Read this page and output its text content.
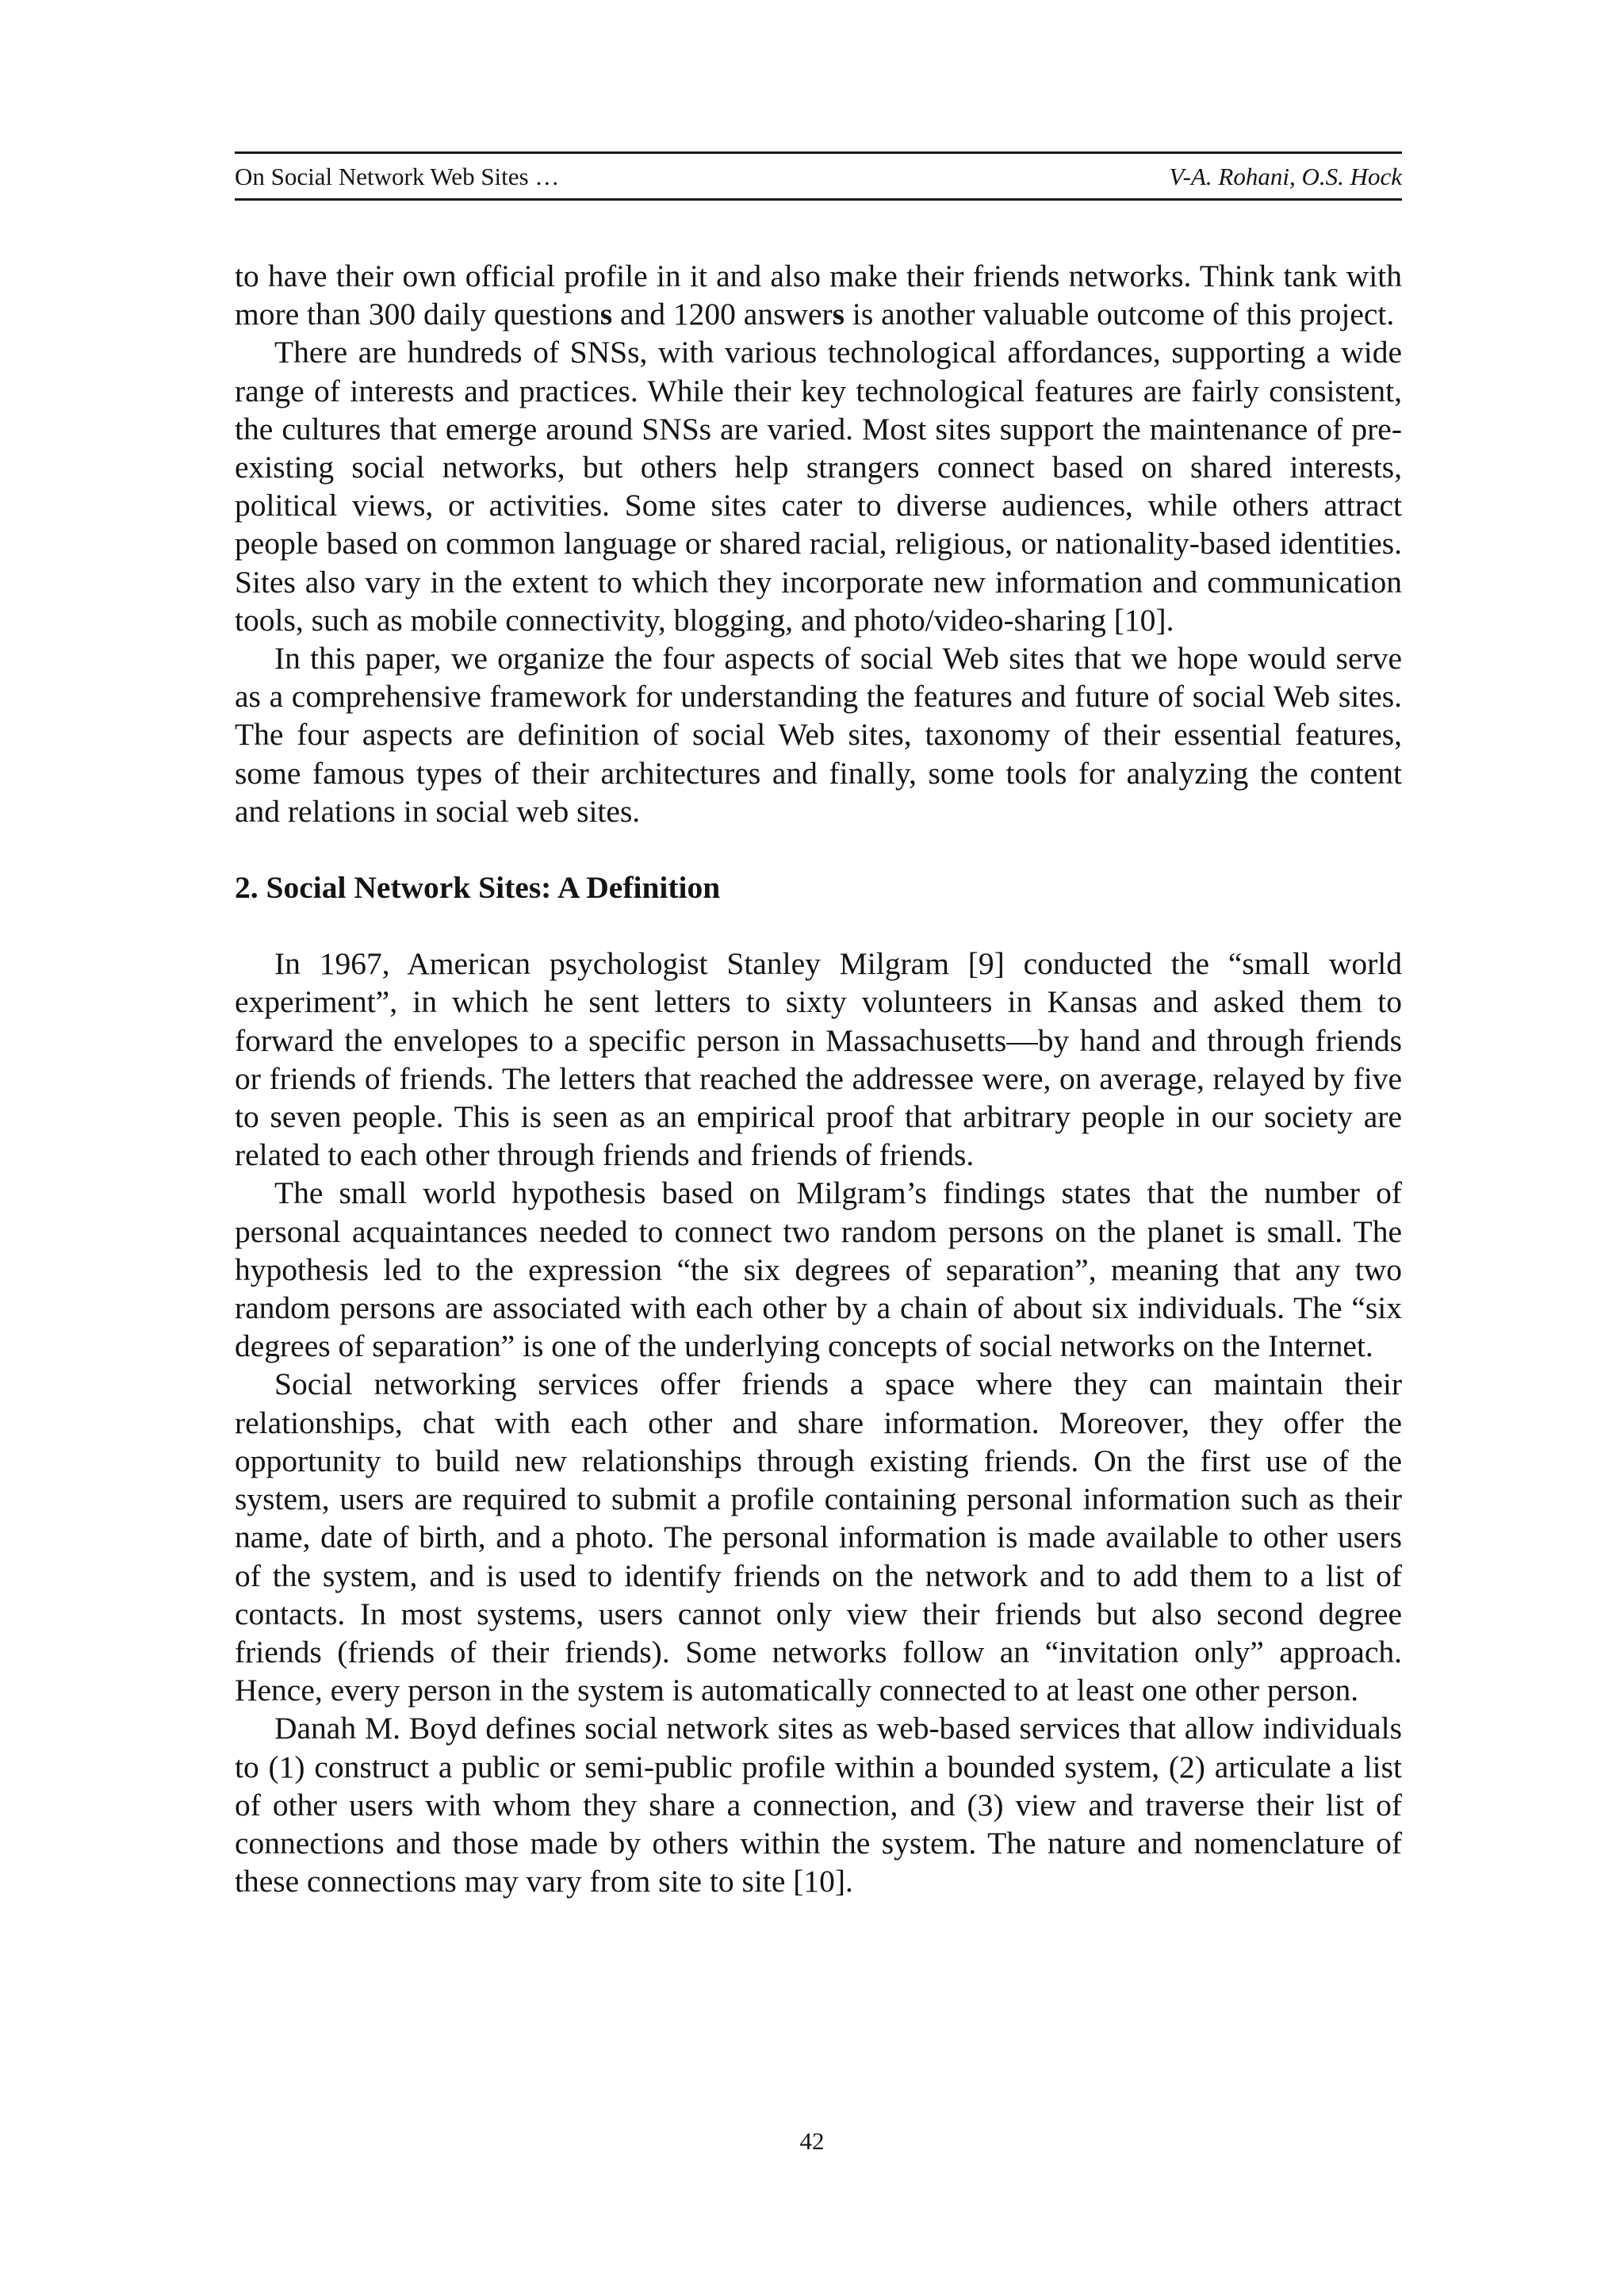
On Social Network Web Sites …	V-A. Rohani, O.S. Hock

to have their own official profile in it and also make their friends networks. Think tank with more than 300 daily questions and 1200 answers is another valuable outcome of this project.

There are hundreds of SNSs, with various technological affordances, supporting a wide range of interests and practices. While their key technological features are fairly consistent, the cultures that emerge around SNSs are varied. Most sites support the maintenance of pre-existing social networks, but others help strangers connect based on shared interests, political views, or activities. Some sites cater to diverse audiences, while others attract people based on common language or shared racial, religious, or nationality-based identities. Sites also vary in the extent to which they incorporate new information and communication tools, such as mobile connectivity, blogging, and photo/video-sharing [10].

In this paper, we organize the four aspects of social Web sites that we hope would serve as a comprehensive framework for understanding the features and future of social Web sites. The four aspects are definition of social Web sites, taxonomy of their essential features, some famous types of their architectures and finally, some tools for analyzing the content and relations in social web sites.

2. Social Network Sites: A Definition

In 1967, American psychologist Stanley Milgram [9] conducted the “small world experiment”, in which he sent letters to sixty volunteers in Kansas and asked them to forward the envelopes to a specific person in Massachusetts—by hand and through friends or friends of friends. The letters that reached the addressee were, on average, relayed by five to seven people. This is seen as an empirical proof that arbitrary people in our society are related to each other through friends and friends of friends.

The small world hypothesis based on Milgram’s findings states that the number of personal acquaintances needed to connect two random persons on the planet is small. The hypothesis led to the expression “the six degrees of separation”, meaning that any two random persons are associated with each other by a chain of about six individuals. The “six degrees of separation” is one of the underlying concepts of social networks on the Internet.

Social networking services offer friends a space where they can maintain their relationships, chat with each other and share information. Moreover, they offer the opportunity to build new relationships through existing friends. On the first use of the system, users are required to submit a profile containing personal information such as their name, date of birth, and a photo. The personal information is made available to other users of the system, and is used to identify friends on the network and to add them to a list of contacts. In most systems, users cannot only view their friends but also second degree friends (friends of their friends). Some networks follow an “invitation only” approach. Hence, every person in the system is automatically connected to at least one other person.

Danah M. Boyd defines social network sites as web-based services that allow individuals to (1) construct a public or semi-public profile within a bounded system, (2) articulate a list of other users with whom they share a connection, and (3) view and traverse their list of connections and those made by others within the system. The nature and nomenclature of these connections may vary from site to site [10].

42
